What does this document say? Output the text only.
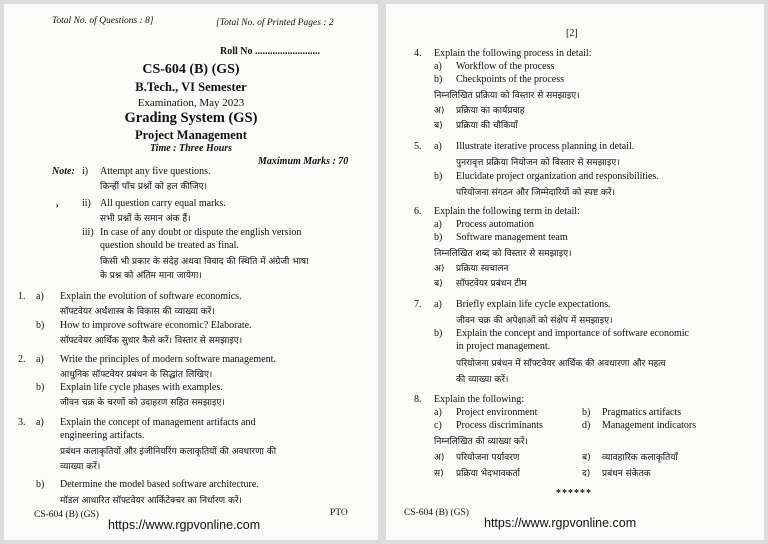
Total No. of Questions : 8]	[Total No. of Printed Pages : 2
Roll No ..........................
CS-604 (B) (GS)
B.Tech., VI Semester
Examination, May 2023
Grading System (GS)
Project Management
Time : Three Hours
Maximum Marks : 70
Note: i) Attempt any five questions.
किन्हीं पाँच प्रश्नों को हल कीजिए।
, ii) All question carry equal marks.
सभी प्रश्नों के समान अंक हैं।
iii) In case of any doubt or dispute the english version
question should be treated as final.
किसी भी प्रकार के संदेह अथवा विवाद की स्थिति में अंग्रेजी भाषा
के प्रश्न को अंतिम माना जायेगा।
1. a) Explain the evolution of software economics.
सॉफ्टवेयर अर्थशास्त्र के विकास की व्याख्या करें।
b) How to improve software economic? Elaborate.
सॉफ्टवेयर आर्थिक सुधार कैसे करें। विस्तार से समझाइए।
2. a) Write the principles of modern software management.
आधुनिक सॉफ्टवेयर प्रबंधन के सिद्धांत लिखिए।
b) Explain life cycle phases with examples.
जीवन चक्र के चरणों को उदाहरण सहित समझाइए।
3. a) Explain the concept of management artifacts and
engineering artifacts.
प्रबंधन कलाकृतियों और इंजीनियरिंग कलाकृतियों की अवधारणा की
व्याख्या करें।
b) Determine the model based software architecture.
मॉडल आधारित सॉफ्टवेयर आर्किटेक्चर का निर्धारण करें।
CS-604 (B) (GS)	PTO
https://www.rgpvonline.com
[2]
4. Explain the following process in detail:
a) Workflow of the process
b) Checkpoints of the process
निम्नलिखित प्रक्रिया को विस्तार से समझाइए।
अ) प्रक्रिया का कार्यप्रवाह
ब) प्रक्रिया की चौकियाँ
5. a) Illustrate iterative process planning in detail.
पुनरावृत्त प्रक्रिया नियोजन को विस्तार से समझाइए।
b) Elucidate project organization and responsibilities.
परियोजना संगठन और जिम्मेदारियों को स्पष्ट करें।
6. Explain the following term in detail:
a) Process automation
b) Software management team
निम्नलिखित शब्द को विस्तार से समझाइए।
अ) प्रक्रिया स्वचालन
ब) सॉफ्टवेयर प्रबंधन टीम
7. a) Briefly explain life cycle expectations.
जीवन चक्र की अपेक्षाओं को संक्षेप में समझाइए।
b) Explain the concept and importance of software economic
in project management.
परियोजना प्रबंधन में सॉफ्टवेयर आर्थिक की अवधारणा और महत्व
की व्याख्या करें।
8. Explain the following:
a) Project environment	b) Pragmatics artifacts
c) Process discriminants	d) Management indicators
निम्नलिखित की व्याख्या करें।
अ) परियोजना पर्यावरण	ब) व्यावहारिक कलाकृतियाँ
स) प्रक्रिया भेदभावकर्ता	द) प्रबंधन संकेतक
******
CS-604 (B) (GS)
https://www.rgpvonline.com
